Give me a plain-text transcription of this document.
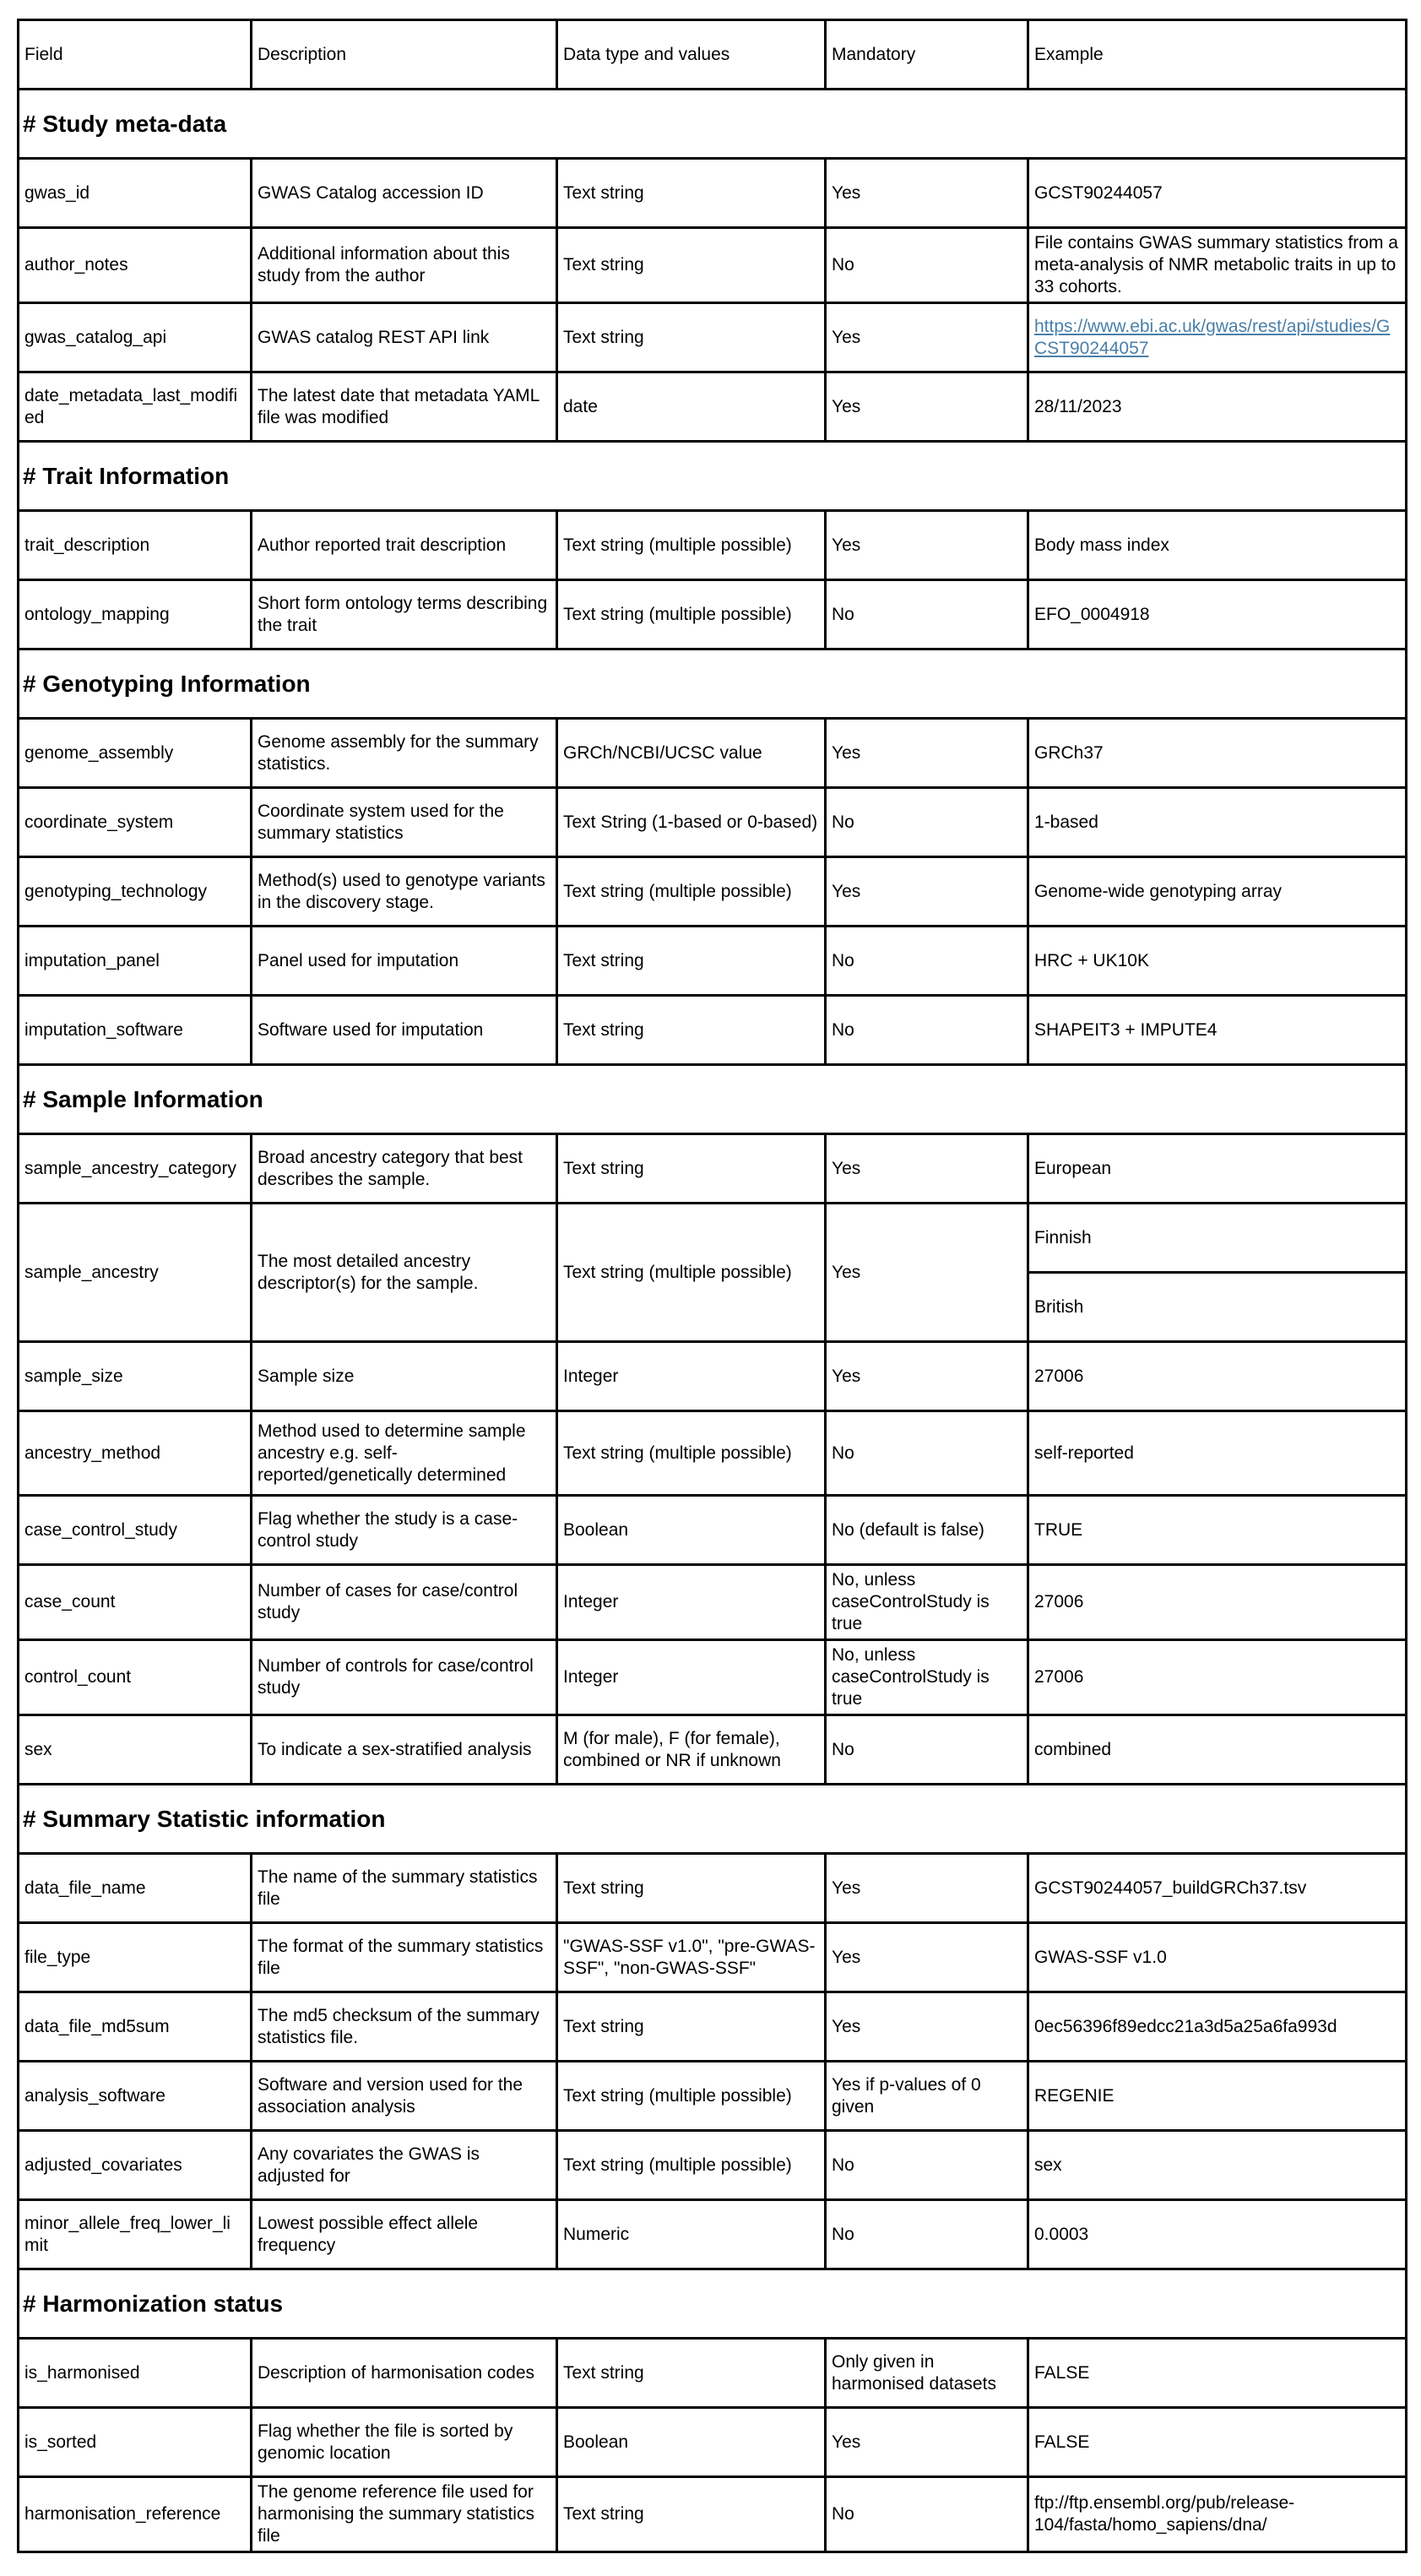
Field	Description	Data type and values	Mandatory	Example
# Study meta-data				
gwas_id	GWAS Catalog accession ID	Text string	Yes	GCST90244057
author_notes	Additional information about this study from the author	Text string	No	File contains GWAS summary statistics from a meta-analysis of NMR metabolic traits in up to 33 cohorts.
gwas_catalog_api	GWAS catalog REST API link	Text string	Yes	https://www.ebi.ac.uk/gwas/rest/api/studies/GCST90244057
date_metadata_last_modified	The latest date that metadata YAML file was modified	date	Yes	28/11/2023
# Trait Information				
trait_description	Author reported trait description	Text string (multiple possible)	Yes	Body mass index
ontology_mapping	Short form ontology terms describing the trait	Text string (multiple possible)	No	EFO_0004918
# Genotyping Information				
genome_assembly	Genome assembly for the summary statistics.	GRCh/NCBI/UCSC value	Yes	GRCh37
coordinate_system	Coordinate system used for the summary statistics	Text String (1-based or 0-based)	No	1-based
genotyping_technology	Method(s) used to genotype variants in the discovery stage.	Text string (multiple possible)	Yes	Genome-wide genotyping array
imputation_panel	Panel used for imputation	Text string	No	HRC + UK10K
imputation_software	Software used for imputation	Text string	No	SHAPEIT3 + IMPUTE4
# Sample Information				
sample_ancestry_category	Broad ancestry category that best describes the sample.	Text string	Yes	European
sample_ancestry	The most detailed ancestry descriptor(s) for the sample.	Text string (multiple possible)	Yes	Finnish
				British
sample_size	Sample size	Integer	Yes	27006
ancestry_method	Method used to determine sample ancestry e.g. self-reported/genetically determined	Text string (multiple possible)	No	self-reported
case_control_study	Flag whether the study is a case-control study	Boolean	No (default is false)	TRUE
case_count	Number of cases for case/control study	Integer	No, unless caseControlStudy is true	27006
control_count	Number of controls for case/control study	Integer	No, unless caseControlStudy is true	27006
sex	To indicate a sex-stratified analysis	M (for male), F (for female), combined or NR if unknown	No	combined
# Summary Statistic information				
data_file_name	The name of the summary statistics file	Text string	Yes	GCST90244057_buildGRCh37.tsv
file_type	The format of the summary statistics file	"GWAS-SSF v1.0", "pre-GWAS-SSF", "non-GWAS-SSF"	Yes	GWAS-SSF v1.0
data_file_md5sum	The md5 checksum of the summary statistics file.	Text string	Yes	0ec56396f89edcc21a3d5a25a6fa993d
analysis_software	Software and version used for the association analysis	Text string (multiple possible)	Yes if p-values of 0 given	REGENIE
adjusted_covariates	Any covariates the GWAS is adjusted for	Text string (multiple possible)	No	sex
minor_allele_freq_lower_limit	Lowest possible effect allele frequency	Numeric	No	0.0003
# Harmonization status				
is_harmonised	Description of harmonisation codes	Text string	Only given in harmonised datasets	FALSE
is_sorted	Flag whether the file is sorted by genomic location	Boolean	Yes	FALSE
harmonisation_reference	The genome reference file used for harmonising the summary statistics file	Text string	No	ftp://ftp.ensembl.org/pub/release-104/fasta/homo_sapiens/dna/
